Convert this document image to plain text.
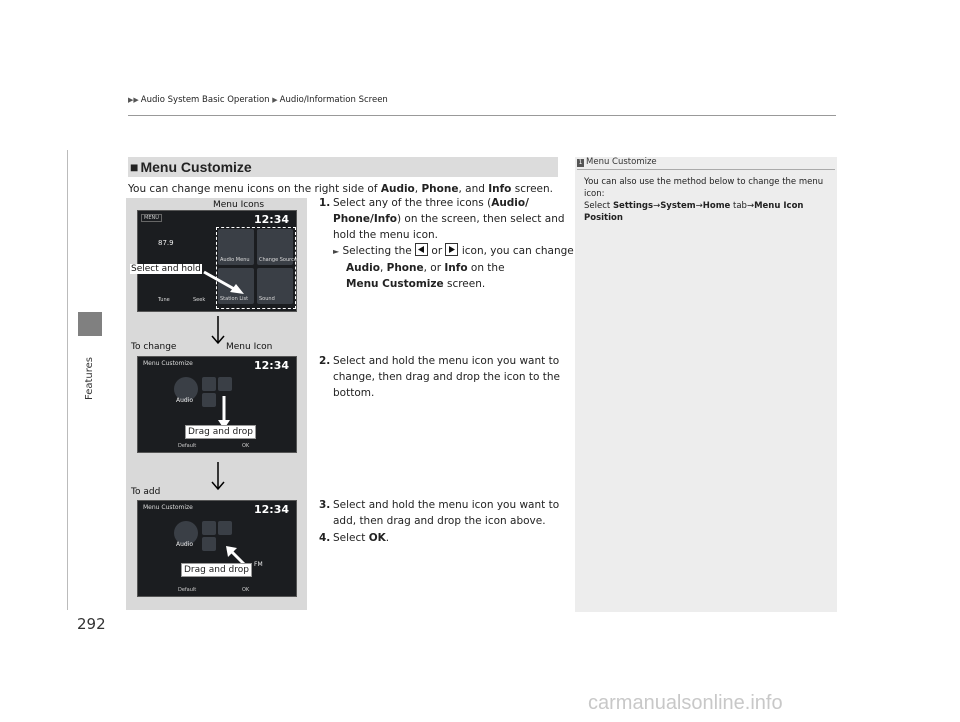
▶▶ Audio System Basic Operation ▶ Audio/Information Screen
Features
292
■ Menu Customize
You can change menu icons on the right side of Audio, Phone, and Info screen.
MENU	12:34
87.9
Audio Menu Change Source
Station List Sound
Tune	Seek
Menu Icons
Select and hold
To change	Menu Icon
Menu Customize	12:34
Audio
Default	OK
Drag and drop
To add
Menu Customize	12:34
Audio
FM
Default	OK
Drag and drop
1. Select any of the three icons (Audio/
Phone/Info) on the screen, then select and
hold the menu icon.
► Selecting the or icon, you can change
Audio, Phone, or Info on the
Menu Customize screen.
2. Select and hold the menu icon you want to change, then drag and drop the icon to the bottom.
3. Select and hold the menu icon you want to add, then drag and drop the icon above.
4. Select OK.
1 Menu Customize
You can also use the method below to change the menu icon:
Select Settings→System→Home tab→Menu Icon Position
carmanualsonline.info
